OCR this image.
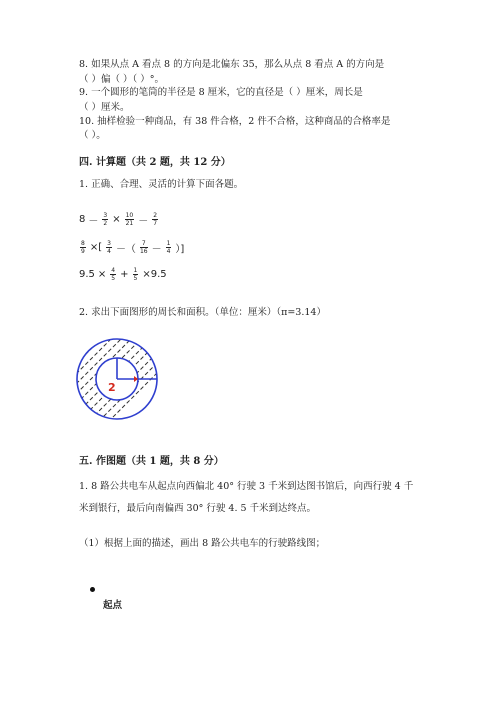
8. 如果从点 A 看点 8 的方向是北偏东 35，那么从点 8 看点 A 的方向是
（ ）偏（ ）（ ）°。
9. 一个圆形的笔筒的半径是 8 厘米，它的直径是（ ）厘米，周长是
（ ）厘米。
10. 抽样检验一种商品，有 38 件合格，2 件不合格，这种商品的合格率是
（ ）。
四. 计算题（共 2 题，共 12 分）
1. 正确、合理、灵活的计算下面各题。
$8 - \frac{3}{2} \times \frac{10}{21} - \frac{2}{7}$
$\frac{8}{9}$ ×[ $\frac{3}{4}$ －（ $\frac{7}{16} - \frac{1}{4}$ ）]
$9.5 \times \frac{4}{5} + \frac{1}{5} \times 9.5$
2. 求出下面图形的周长和面积。（单位：厘米）（π=3.14）
2
五. 作图题（共 1 题，共 8 分）
1. 8 路公共电车从起点向西偏北 40° 行驶 3 千米到达图书馆后，向西行驶 4 千
米到银行，最后向南偏西 30° 行驶 4. 5 千米到达终点。
（1）根据上面的描述，画出 8 路公共电车的行驶路线图；
起点
